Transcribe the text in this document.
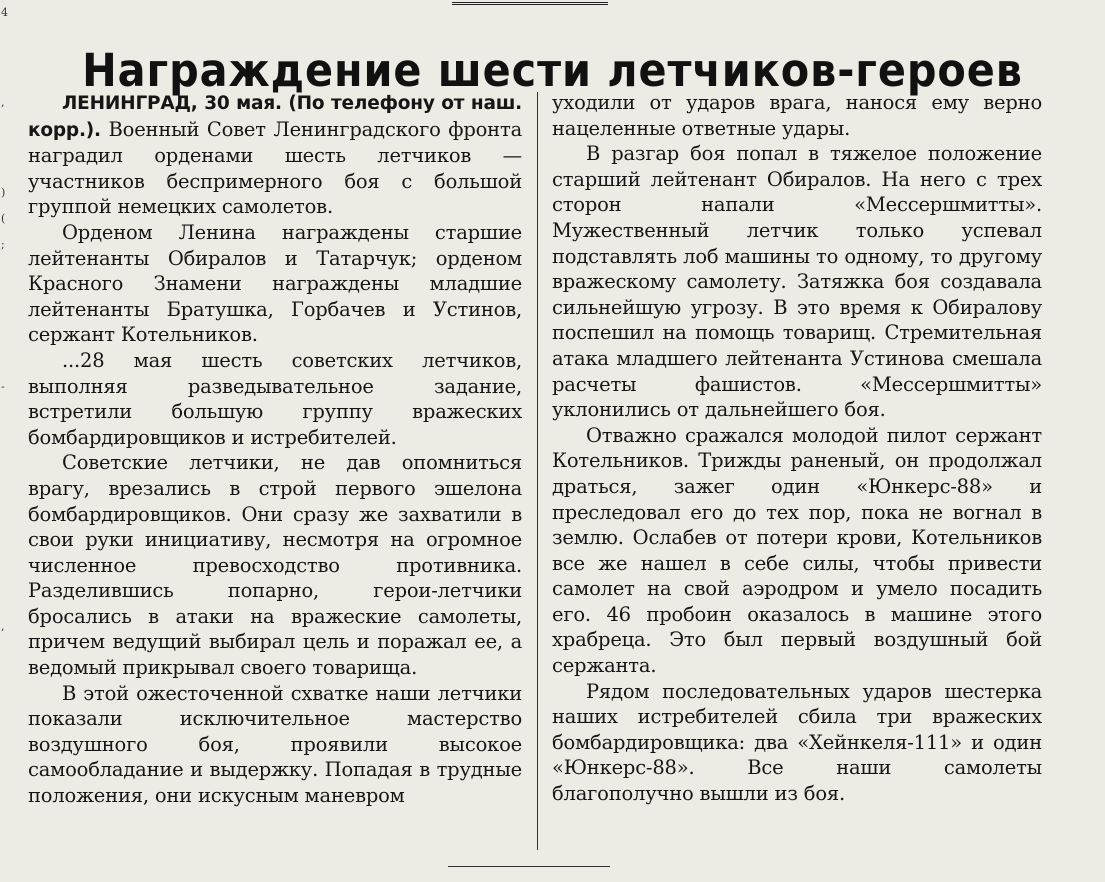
4
,
)
(
;
-
,
Награждение шести летчиков-героев

ЛЕНИНГРАД, 30 мая. (По телефону от наш. корр.). Военный Совет Ленинградского фронта наградил орденами шесть летчиков — участников беспримерного боя с большой группой немецких самолетов.

Орденом Ленина награждены старшие лейтенанты Обиралов и Татарчук; орденом Красного Знамени награждены младшие лейтенанты Братушка, Горбачев и Устинов, сержант Котельников.

...28 мая шесть советских летчиков, выполняя разведывательное задание, встретили большую группу вражеских бомбардировщиков и истребителей.

Советские летчики, не дав опомниться врагу, врезались в строй первого эшелона бомбардировщиков. Они сразу же захватили в свои руки инициативу, несмотря на огромное численное превосходство противника. Разделившись попарно, герои-летчики бросались в атаки на вражеские самолеты, причем ведущий выбирал цель и поражал ее, а ведомый прикрывал своего товарища.

В этой ожесточенной схватке наши летчики показали исключительное мастерство воздушного боя, проявили высокое самообладание и выдержку. Попадая в трудные положения, они искусным маневром

уходили от ударов врага, нанося ему верно нацеленные ответные удары.

В разгар боя попал в тяжелое положение старший лейтенант Обиралов. На него с трех сторон напали «Мессершмитты». Мужественный летчик только успевал подставлять лоб машины то одному, то другому вражескому самолету. Затяжка боя создавала сильнейшую угрозу. В это время к Обиралову поспешил на помощь товарищ. Стремительная атака младшего лейтенанта Устинова смешала расчеты фашистов. «Мессершмитты» уклонились от дальнейшего боя.

Отважно сражался молодой пилот сержант Котельников. Трижды раненый, он продолжал драться, зажег один «Юнкерс-88» и преследовал его до тех пор, пока не вогнал в землю. Ослабев от потери крови, Котельников все же нашел в себе силы, чтобы привести самолет на свой аэродром и умело посадить его. 46 пробоин оказалось в машине этого храбреца. Это был первый воздушный бой сержанта.

Рядом последовательных ударов шестерка наших истребителей сбила три вражеских бомбардировщика: два «Хейнкеля-111» и один «Юнкерс-88». Все наши самолеты благополучно вышли из боя.
